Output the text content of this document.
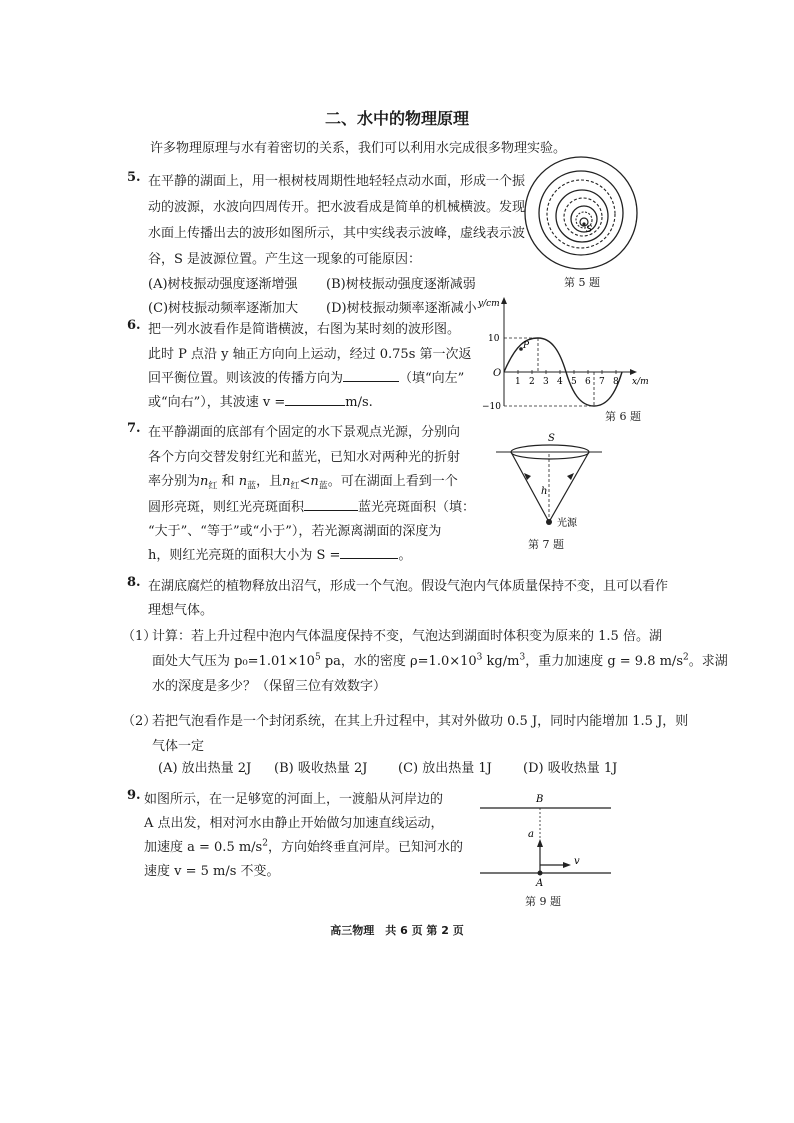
二、水中的物理原理
许多物理原理与水有着密切的关系，我们可以利用水完成很多物理实验。
5. 在平静的湖面上，用一根树枝周期性地轻轻点动水面，形成一个振
动的波源，水波向四周传开。把水波看成是简单的机械横波。发现
水面上传播出去的波形如图所示，其中实线表示波峰，虚线表示波
谷，S 是波源位置。产生这一现象的可能原因：
(A)树枝振动强度逐渐增强 (B)树枝振动强度逐渐减弱
(C)树枝振动频率逐渐加大 (D)树枝振动频率逐渐减小
S
第 5 题
6. 把一列水波看作是简谐横波，右图为某时刻的波形图。
此时 P 点沿 y 轴正方向向上运动，经过 0.75s 第一次返
回平衡位置。则该波的传播方向为	（填“向左”
或“向右”），其波速 v =	m/s.
y/cm
x/m
O
10
−10
1 2 3 4 5 6 7 8
P
第 6 题
7. 在平静湖面的底部有个固定的水下景观点光源，分别向
各个方向交替发射红光和蓝光，已知水对两种光的折射
率分别为$n_红$ 和 $n_蓝$，且$n_红<n_蓝$。可在湖面上看到一个
圆形亮斑，则红光亮斑面积	蓝光亮斑面积（填：
“大于”、“等于”或“小于”），若光源离湖面的深度为
h，则红光亮斑的面积大小为 S =	。
S
h
光源
第 7 题
8. 在湖底腐烂的植物释放出沼气，形成一个气泡。假设气泡内气体质量保持不变，且可以看作
理想气体。
（1）
计算：若上升过程中泡内气体温度保持不变，气泡达到湖面时体积变为原来的 1.5 倍。湖
面处大气压为 $p_0=1.01\times 10^5$ pa，水的密度 $\rho=1.0\times 10^3$ $kg/m^3$，重力加速度 g = 9.8 $m/s^2$。求湖
水的深度是多少？（保留三位有效数字）
（2）
若把气泡看作是一个封闭系统，在其上升过程中，其对外做功 0.5 J，同时内能增加 1.5 J，则
气体一定
(A) 放出热量 2J (B) 吸收热量 2J (C) 放出热量 1J (D) 吸收热量 1J
9. 如图所示，在一足够宽的河面上，一渡船从河岸边的
A 点出发，相对河水由静止开始做匀加速直线运动，
加速度 a = 0.5 $m/s^2$，方向始终垂直河岸。已知河水的
速度 v = 5 m/s 不变。
B
a
v
A
第 9 题
高三物理　共 6 页 第 2 页
